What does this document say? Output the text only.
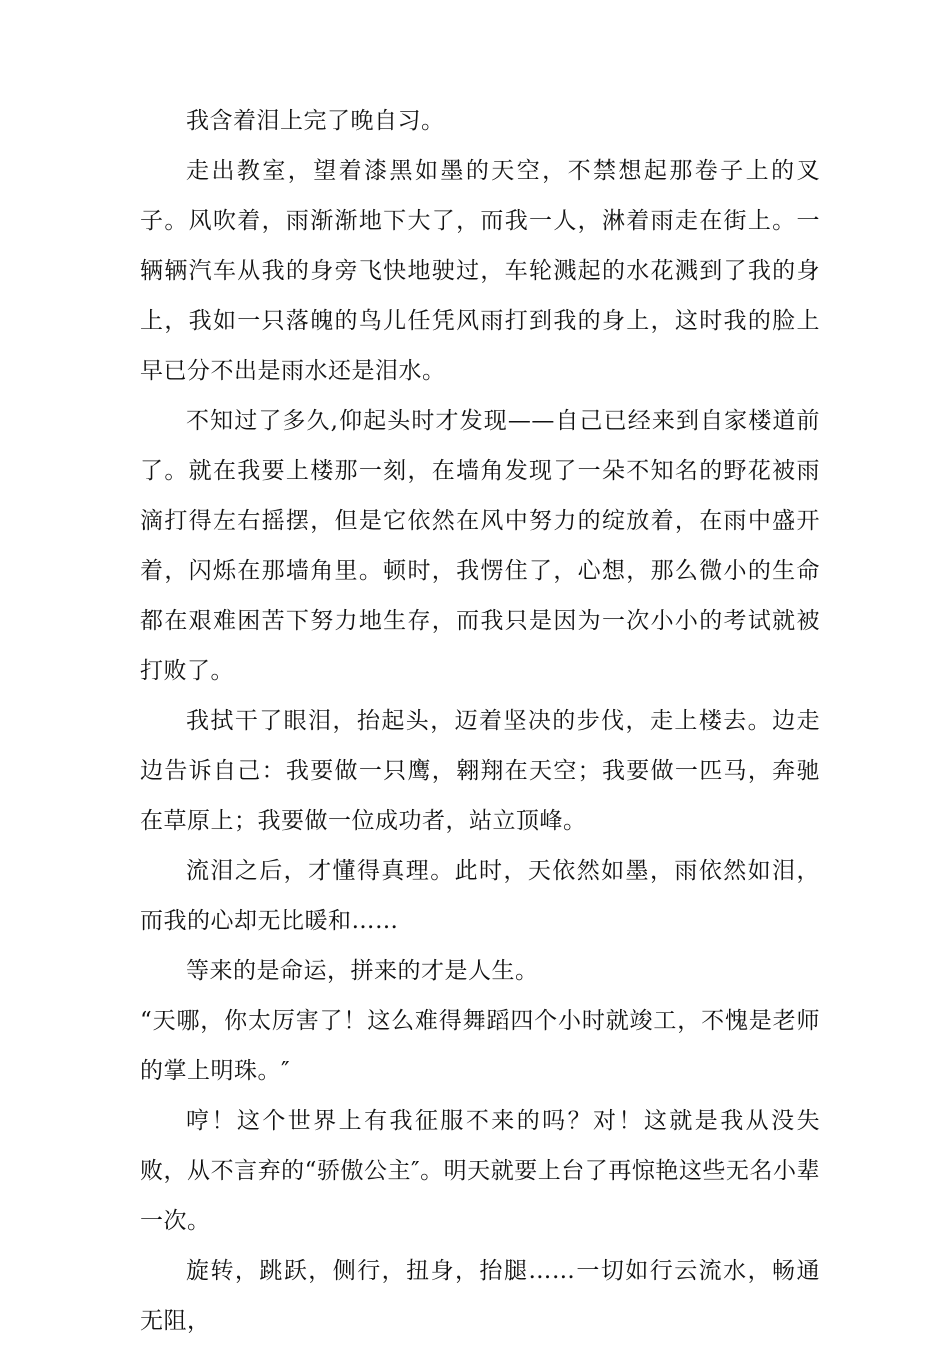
我含着泪上完了晚自习。

走出教室，望着漆黑如墨的天空，不禁想起那卷子上的叉子。风吹着，雨渐渐地下大了，而我一人，淋着雨走在街上。一辆辆汽车从我的身旁飞快地驶过，车轮溅起的水花溅到了我的身上，我如一只落魄的鸟儿任凭风雨打到我的身上，这时我的脸上早已分不出是雨水还是泪水。

不知过了多久,仰起头时才发现——自己已经来到自家楼道前了。就在我要上楼那一刻，在墙角发现了一朵不知名的野花被雨滴打得左右摇摆，但是它依然在风中努力的绽放着，在雨中盛开着，闪烁在那墙角里。顿时，我愣住了，心想，那么微小的生命都在艰难困苦下努力地生存，而我只是因为一次小小的考试就被打败了。

我拭干了眼泪，抬起头，迈着坚决的步伐，走上楼去。边走边告诉自己：我要做一只鹰，翱翔在天空；我要做一匹马，奔驰在草原上；我要做一位成功者，站立顶峰。

流泪之后，才懂得真理。此时，天依然如墨，雨依然如泪，而我的心却无比暖和……

等来的是命运，拼来的才是人生。

“天哪，你太厉害了！这么难得舞蹈四个小时就竣工，不愧是老师的掌上明珠。″

哼！这个世界上有我征服不来的吗？对！这就是我从没失败，从不言弃的“骄傲公主″。明天就要上台了再惊艳这些无名小辈一次。

旋转，跳跃，侧行，扭身，抬腿……一切如行云流水，畅通无阻，
